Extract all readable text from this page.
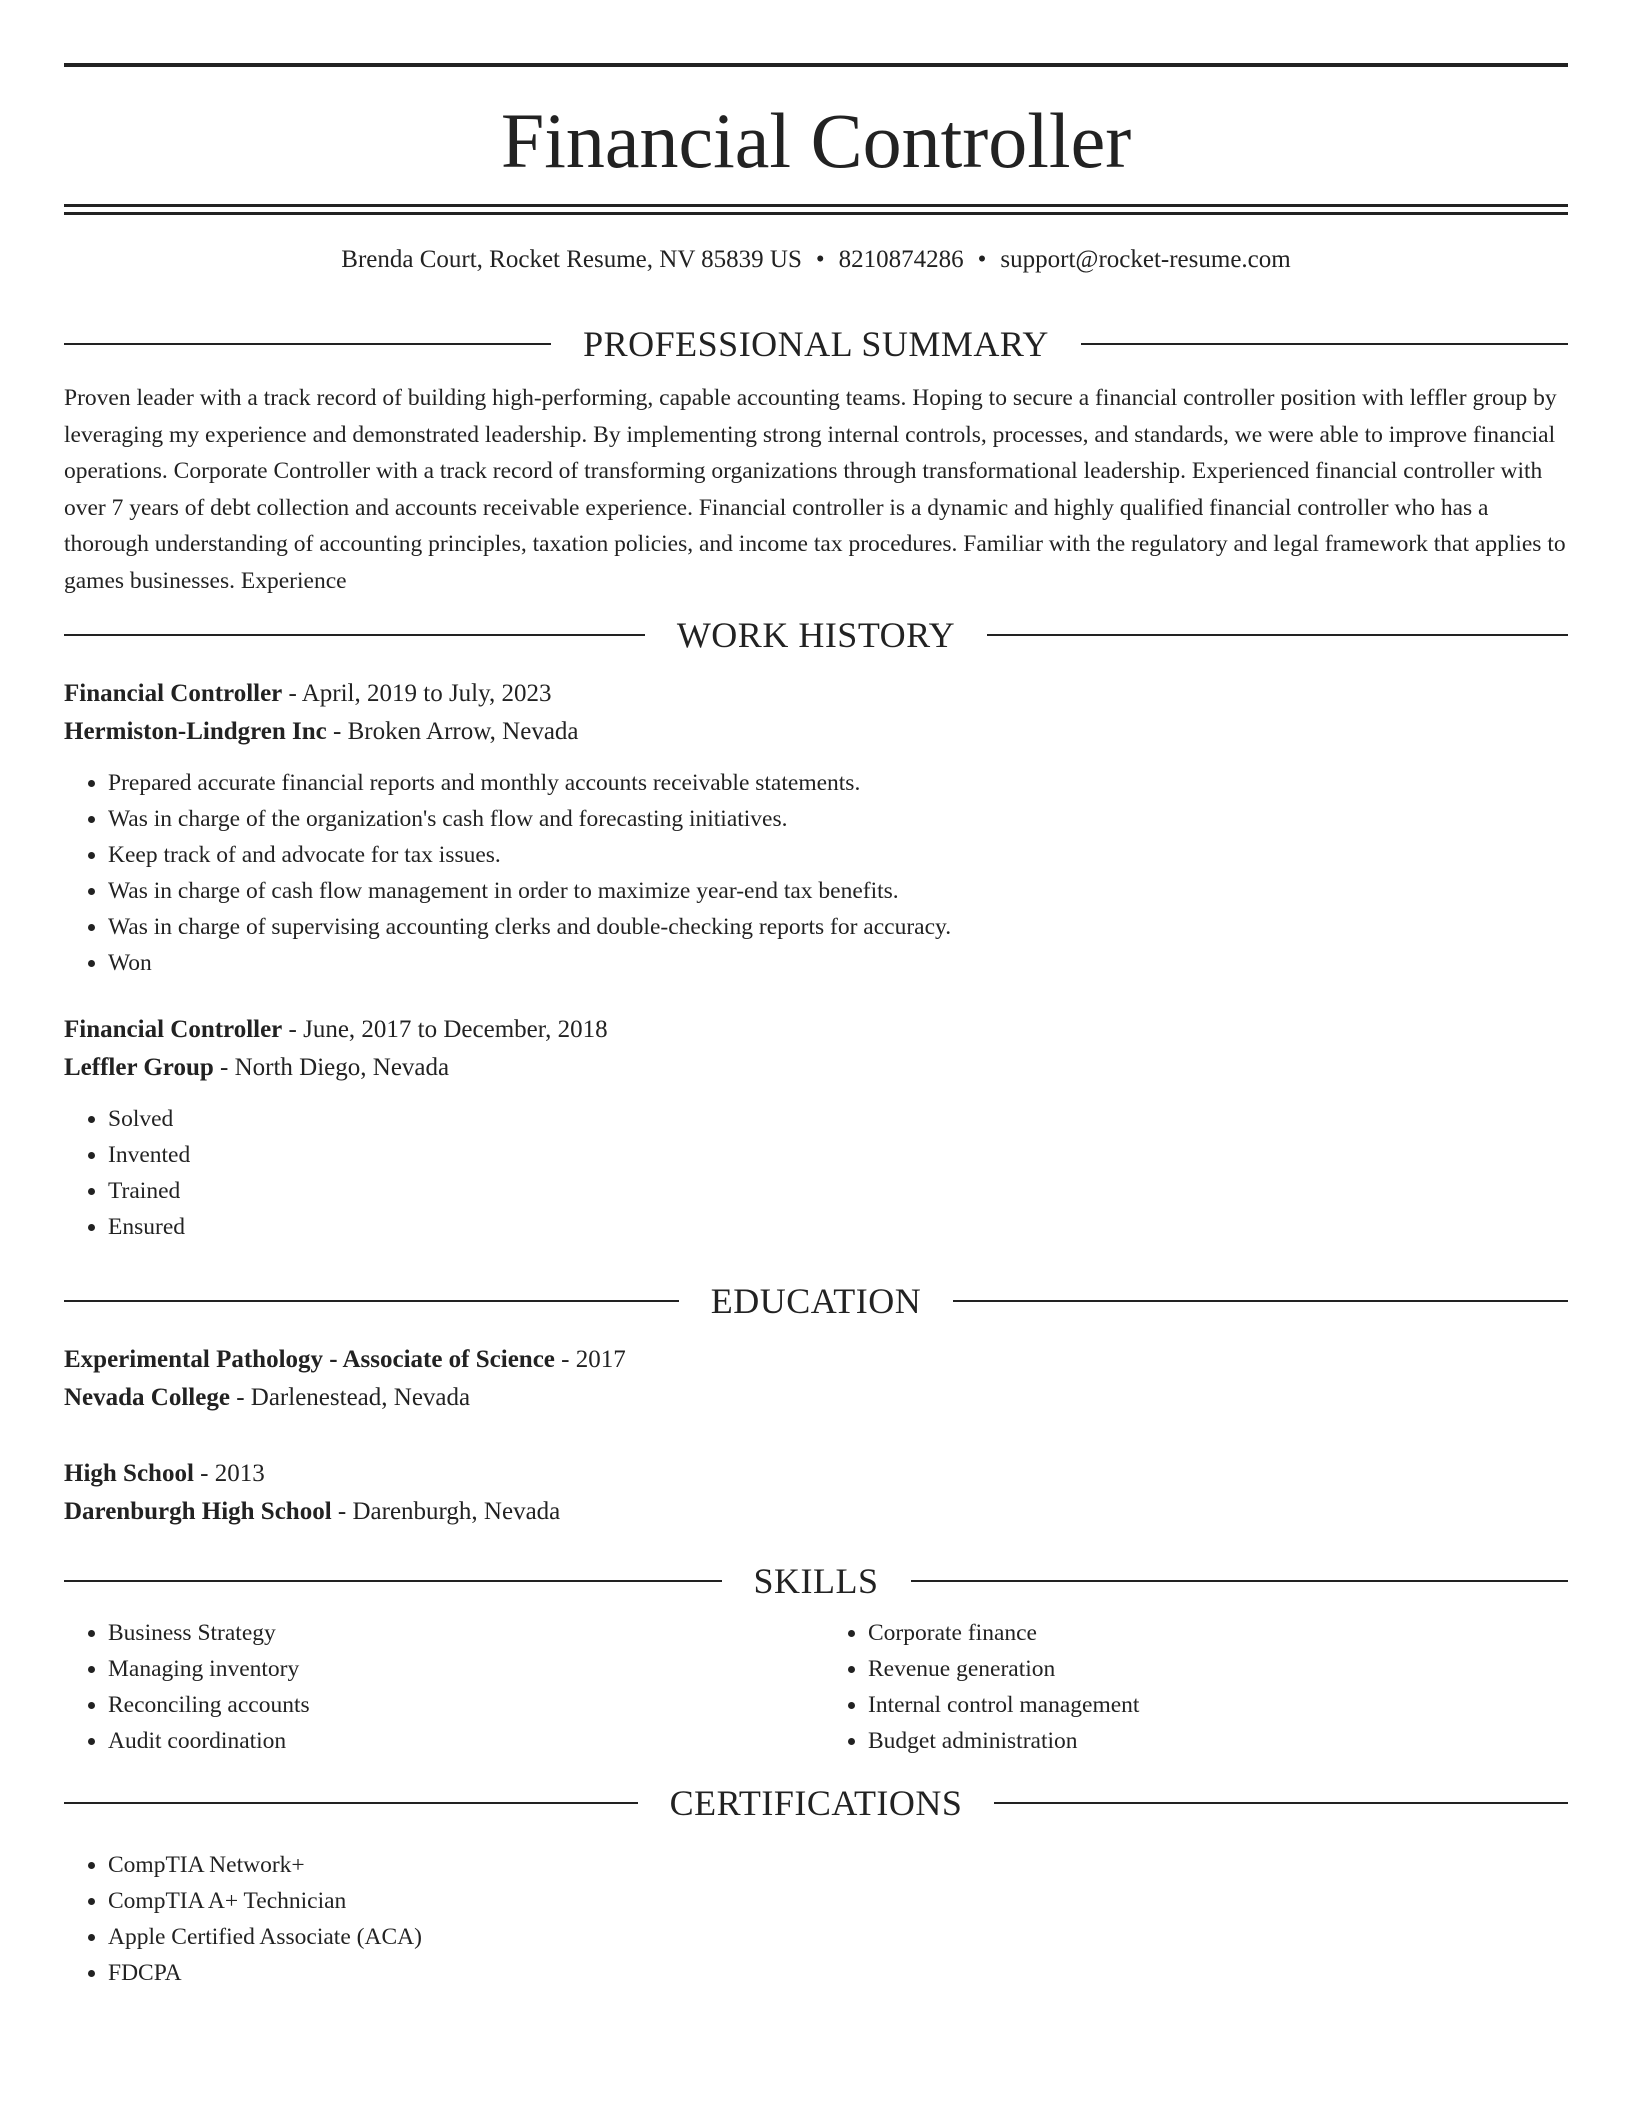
Financial Controller
Brenda Court, Rocket Resume, NV 85839 US • 8210874286 • support@rocket-resume.com
PROFESSIONAL SUMMARY

Proven leader with a track record of building high-performing, capable accounting teams. Hoping to secure a financial controller position with leffler group by leveraging my experience and demonstrated leadership. By implementing strong internal controls, processes, and standards, we were able to improve financial operations. Corporate Controller with a track record of transforming organizations through transformational leadership. Experienced financial controller with over 7 years of debt collection and accounts receivable experience. Financial controller is a dynamic and highly qualified financial controller who has a thorough understanding of accounting principles, taxation policies, and income tax procedures. Familiar with the regulatory and legal framework that applies to games businesses. Experience

WORK HISTORY
Financial Controller - April, 2019 to July, 2023
Hermiston-Lindgren Inc - Broken Arrow, Nevada
• Prepared accurate financial reports and monthly accounts receivable statements.
• Was in charge of the organization's cash flow and forecasting initiatives.
• Keep track of and advocate for tax issues.
• Was in charge of cash flow management in order to maximize year-end tax benefits.
• Was in charge of supervising accounting clerks and double-checking reports for accuracy.
• Won
Financial Controller - June, 2017 to December, 2018
Leffler Group - North Diego, Nevada
• Solved
• Invented
• Trained
• Ensured
EDUCATION
Experimental Pathology - Associate of Science - 2017
Nevada College - Darlenestead, Nevada
High School - 2013
Darenburgh High School - Darenburgh, Nevada
SKILLS
• Business Strategy
• Managing inventory
• Reconciling accounts
• Audit coordination
• Corporate finance
• Revenue generation
• Internal control management
• Budget administration
CERTIFICATIONS
• CompTIA Network+
• CompTIA A+ Technician
• Apple Certified Associate (ACA)
• FDCPA
